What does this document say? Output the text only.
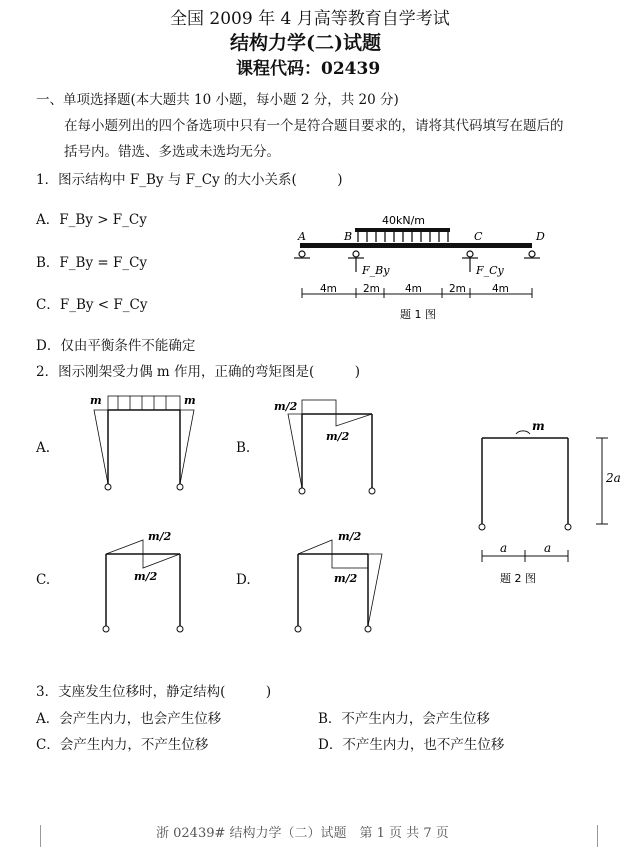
全国 2009 年 4 月高等教育自学考试
结构力学(二)试题
课程代码：02439
一、单项选择题(本大题共 10 小题，每小题 2 分，共 20 分)
在每小题列出的四个备选项中只有一个是符合题目要求的，请将其代码填写在题后的
括号内。错选、多选或未选均无分。
1．图示结构中 F_By 与 F_Cy 的大小关系(　　　)
A．F_By > F_Cy
B．F_By = F_Cy
C．F_By < F_Cy
D．仅由平衡条件不能确定
40kN/m
A	B	C	D
F_By	F_Cy
4m 2m 4m	2m 4m
题 1 图
2．图示刚架受力偶 m 作用，正确的弯矩图是(　　　)
A.	B.
C.	D.
m	m	m/2
m/2
m/2
m/2
m/2
m/2
m
2a
a	a
题 2 图
3．支座发生位移时，静定结构(　　　)
A．会产生内力，也会产生位移	B．不产生内力，会产生位移
C．会产生内力，不产生位移	D．不产生内力，也不产生位移
浙 02439# 结构力学（二）试题　第 1 页 共 7 页
